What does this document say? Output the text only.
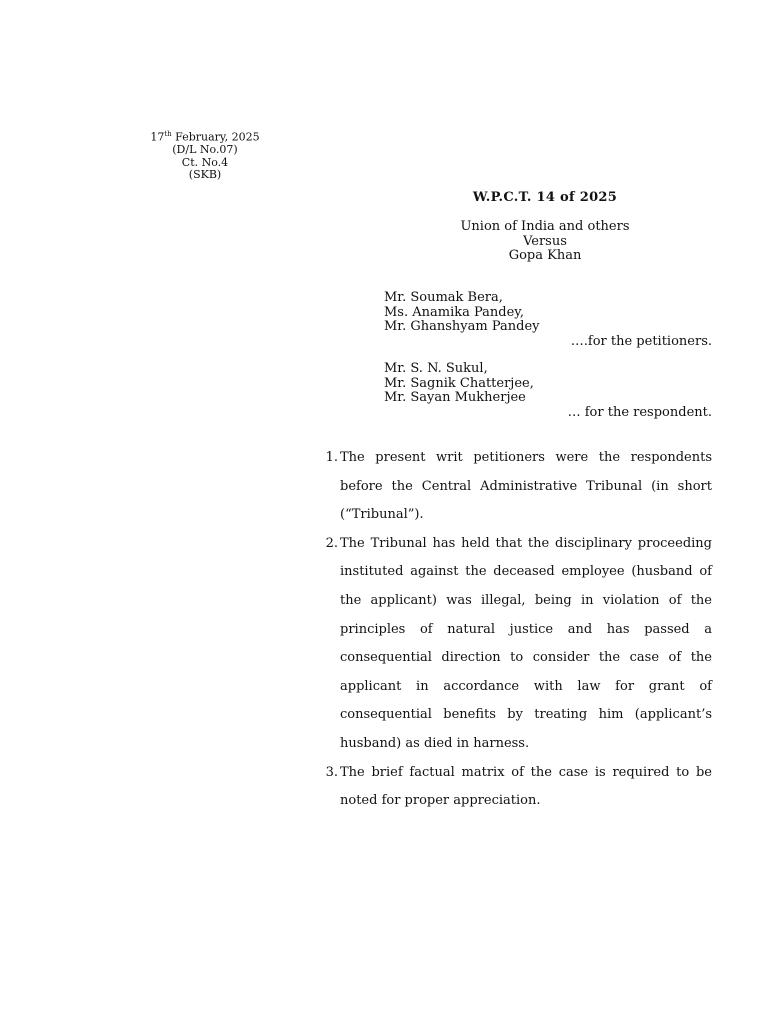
17th February, 2025
(D/L No.07)
Ct. No.4
(SKB)
W.P.C.T. 14 of 2025
Union of India and others
Versus
Gopa Khan
Mr. Soumak Bera,
Ms. Anamika Pandey,
Mr. Ghanshyam Pandey
….for the petitioners.
Mr. S. N. Sukul,
Mr. Sagnik Chatterjee,
Mr. Sayan Mukherjee
… for the respondent.
1. The present writ petitioners were the respondents before the Central Administrative Tribunal (in short (“Tribunal”).
2. The Tribunal has held that the disciplinary proceeding instituted against the deceased employee (husband of the applicant) was illegal, being in violation of the principles of natural justice and has passed a consequential direction to consider the case of the applicant in accordance with law for grant of consequential benefits by treating him (applicant’s husband) as died in harness.
3. The brief factual matrix of the case is required to be noted for proper appreciation.
